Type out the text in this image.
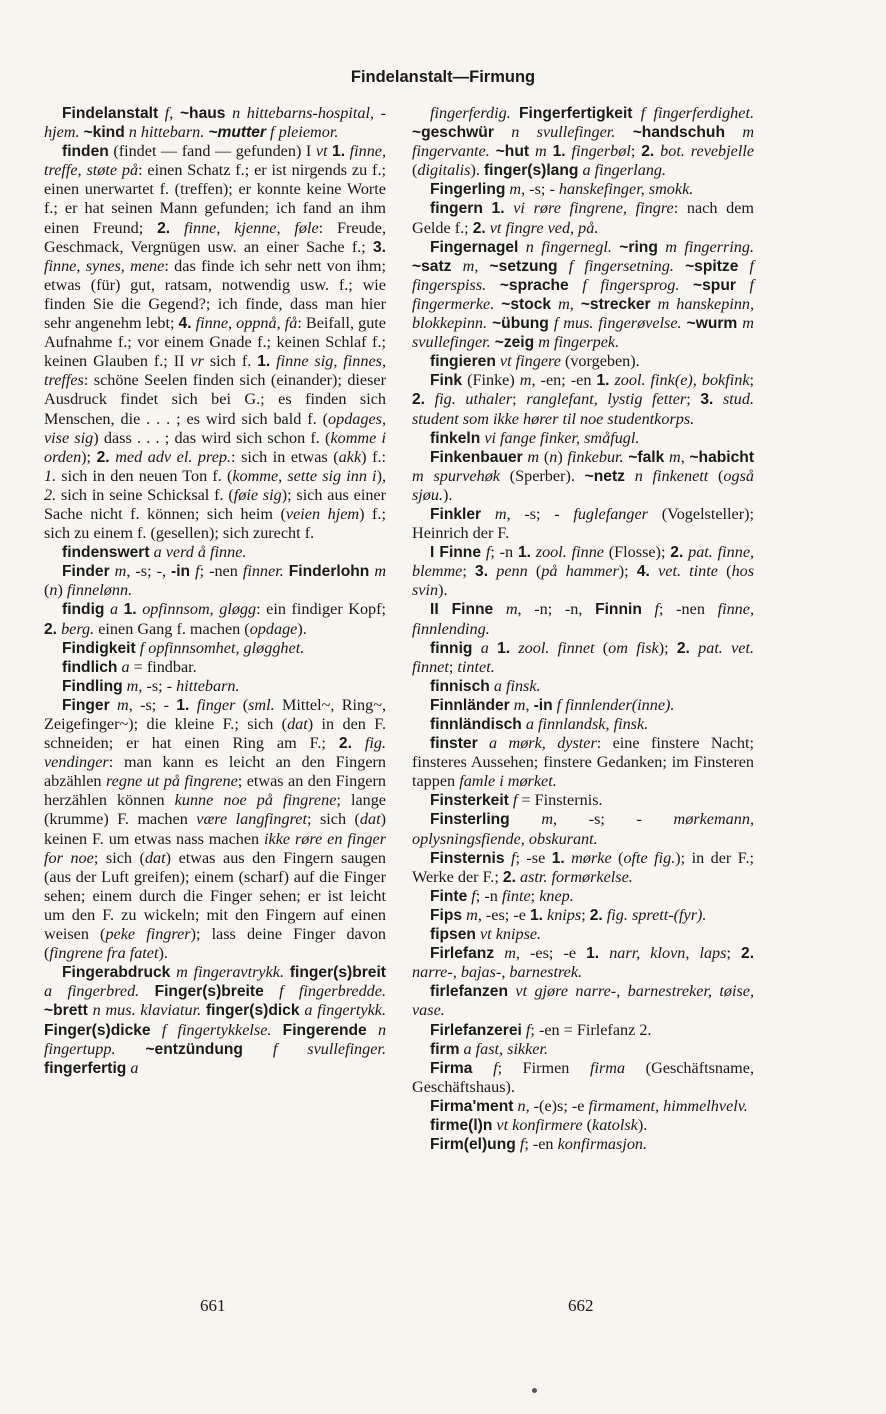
Findelanstalt—Firmung

Findelanstalt f, ~haus n hittebarns-hospital, -hjem. ~kind n hittebarn. ~mutter f pleiemor.

finden (findet — fand — gefunden) I vt 1. finne, treffe, støte på: einen Schatz f.; er ist nirgends zu f.; einen unerwartet f. (treffen); er konnte keine Worte f.; er hat seinen Mann gefunden; ich fand an ihm einen Freund; 2. finne, kjenne, føle: Freude, Geschmack, Vergnügen usw. an einer Sache f.; 3. finne, synes, mene: das finde ich sehr nett von ihm; etwas (für) gut, ratsam, notwendig usw. f.; wie finden Sie die Gegend?; ich finde, dass man hier sehr angenehm lebt; 4. finne, oppnå, få: Beifall, gute Aufnahme f.; vor einem Gnade f.; keinen Schlaf f.; keinen Glauben f.; II vr sich f. 1. finne sig, finnes, treffes: schöne Seelen finden sich (einander); dieser Ausdruck findet sich bei G.; es finden sich Menschen, die . . . ; es wird sich bald f. (opdages, vise sig) dass . . . ; das wird sich schon f. (komme i orden); 2. med adv el. prep.: sich in etwas (akk) f.: 1. sich in den neuen Ton f. (komme, sette sig inn i), 2. sich in seine Schicksal f. (føie sig); sich aus einer Sache nicht f. können; sich heim (veien hjem) f.; sich zu einem f. (gesellen); sich zurecht f.

findenswert a verd å finne.

Finder m, -s; -, -in f; -nen finner. Finderlohn m (n) finnelønn.

findig a 1. opfinnsom, gløgg: ein findiger Kopf; 2. berg. einen Gang f. machen (opdage).

Findigkeit f opfinnsomhet, gløgghet.

findlich a = findbar.

Findling m, -s; - hittebarn.

Finger m, -s; - 1. finger (sml. Mittel~, Ring~, Zeigefinger~); die kleine F.; sich (dat) in den F. schneiden; er hat einen Ring am F.; 2. fig. vendinger: man kann es leicht an den Fingern abzählen regne ut på fingrene; etwas an den Fingern herzählen können kunne noe på fingrene; lange (krumme) F. machen være langfingret; sich (dat) keinen F. um etwas nass machen ikke røre en finger for noe; sich (dat) etwas aus den Fingern saugen (aus der Luft greifen); einem (scharf) auf die Finger sehen; einem durch die Finger sehen; er ist leicht um den F. zu wickeln; mit den Fingern auf einen weisen (peke fingrer); lass deine Finger davon (fingrene fra fatet).

Fingerabdruck m fingeravtrykk. finger(s)breit a fingerbred. Finger(s)breite f fingerbredde. ~brett n mus. klaviatur. finger(s)dick a fingertykk. Finger(s)dicke f fingertykkelse. Fingerende n fingertupp. ~entzündung f svullefinger. fingerfertig a

fingerferdig. Fingerfertigkeit f fingerferdighet. ~geschwür n svullefinger. ~handschuh m fingervante. ~hut m 1. fingerbøl; 2. bot. revebjelle (digitalis). finger(s)lang a fingerlang.

Fingerling m, -s; - hanskefinger, smokk.

fingern 1. vi røre fingrene, fingre: nach dem Gelde f.; 2. vt fingre ved, på.

Fingernagel n fingernegl. ~ring m fingerring. ~satz m, ~setzung f fingersetning. ~spitze f fingerspiss. ~sprache f fingersprog. ~spur f fingermerke. ~stock m, ~strecker m hanskepinn, blokkepinn. ~übung f mus. fingerøvelse. ~wurm m svullefinger. ~zeig m fingerpek.

fingieren vt fingere (vorgeben).

Fink (Finke) m, -en; -en 1. zool. fink(e), bokfink; 2. fig. uthaler; ranglefant, lystig fetter; 3. stud. student som ikke hører til noe studentkorps.

finkeln vi fange finker, småfugl.

Finkenbauer m (n) finkebur. ~falk m, ~habicht m spurvehøk (Sperber). ~netz n finkenett (også sjøu.).

Finkler m, -s; - fuglefanger (Vogelsteller); Heinrich der F.

I Finne f; -n 1. zool. finne (Flosse); 2. pat. finne, blemme; 3. penn (på hammer); 4. vet. tinte (hos svin).

II Finne m, -n; -n, Finnin f; -nen finne, finnlending.

finnig a 1. zool. finnet (om fisk); 2. pat. vet. finnet; tintet.

finnisch a finsk.

Finnländer m, -in f finnlender(inne).

finnländisch a finnlandsk, finsk.

finster a mørk, dyster: eine finstere Nacht; finsteres Aussehen; finstere Gedanken; im Finsteren tappen famle i mørket.

Finsterkeit f = Finsternis.

Finsterling m, -s; - mørkemann, oplysningsfiende, obskurant.

Finsternis f; -se 1. mørke (ofte fig.); in der F.; Werke der F.; 2. astr. formørkelse.

Finte f; -n finte; knep.

Fips m, -es; -e 1. knips; 2. fig. sprett-(fyr).

fipsen vt knipse.

Firlefanz m, -es; -e 1. narr, klovn, laps; 2. narre-, bajas-, barnestrek.

firlefanzen vt gjøre narre-, barnestreker, tøise, vase.

Firlefanzerei f; -en = Firlefanz 2.

firm a fast, sikker.

Firma f; Firmen firma (Geschäftsname, Geschäftshaus).

Firma'ment n, -(e)s; -e firmament, himmelhvelv.

firme(l)n vt konfirmere (katolsk).

Firm(el)ung f; -en konfirmasjon.

661	662
